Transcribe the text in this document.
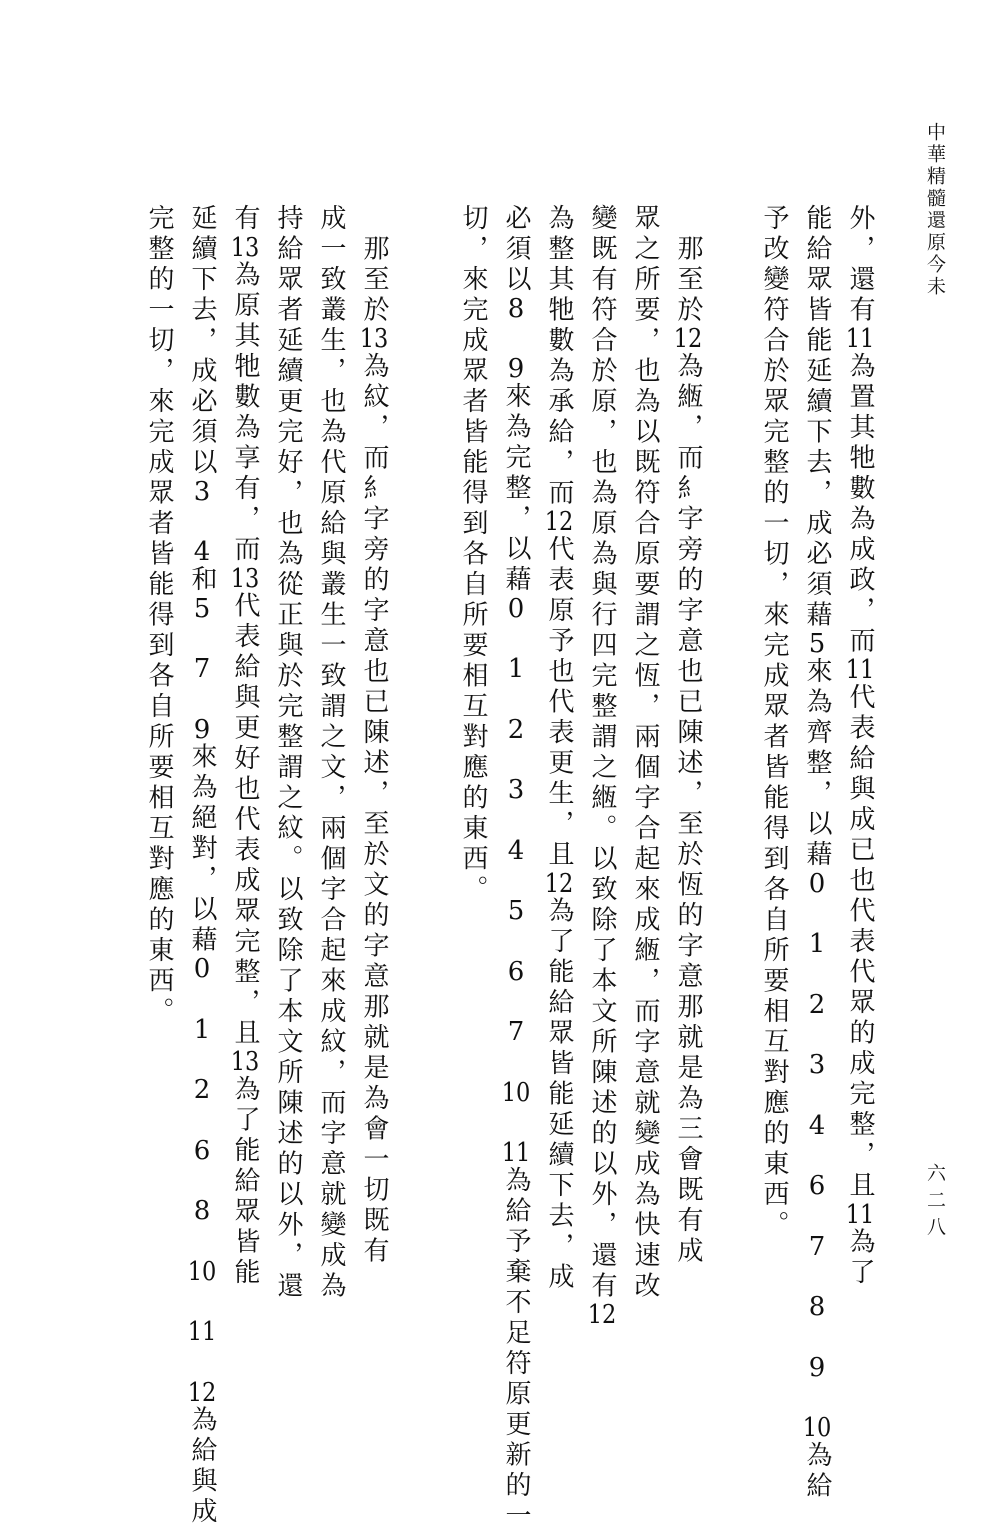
中華精髓還原今未
六二八
外，還有11為置其牠數為成政，而11代表給與成已也代表代眾的成完整，且11為了
能給眾皆能延續下去，成必須藉5來為齊整，以藉0 1 2 3 4 6 7 8 9 10為給
予改變符合於眾完整的一切，來完成眾者皆能得到各自所要相互對應的東西。
　那至於12為緪，而糹字旁的字意也已陳述，至於恆的字意那就是為三會既有成
眾之所要，也為以既符合原要謂之恆，兩個字合起來成緪，而字意就變成為快速改
變既有符合於原，也為原為與行四完整謂之緪。以致除了本文所陳述的以外，還有12
為整其牠數為承給，而12代表原予也代表更生，且12為了能給眾皆能延續下去，成
必須以8 9來為完整，以藉0 1 2 3 4 5 6 7 10 11為給予棄不足符原更新的一
切，來完成眾者皆能得到各自所要相互對應的東西。
　那至於13為紋，而糹字旁的字意也已陳述，至於文的字意那就是為會一切既有
成一致叢生，也為代原給與叢生一致謂之文，兩個字合起來成紋，而字意就變成為
持給眾者延續更完好，也為從正與於完整謂之紋。以致除了本文所陳述的以外，還
有13為原其牠數為享有，而13代表給與更好也代表成眾完整，且13為了能給眾皆能
延續下去，成必須以3 4和5 7 9來為絕對，以藉0 1 2 6 8 10 11 12為給與成
完整的一切，來完成眾者皆能得到各自所要相互對應的東西。
